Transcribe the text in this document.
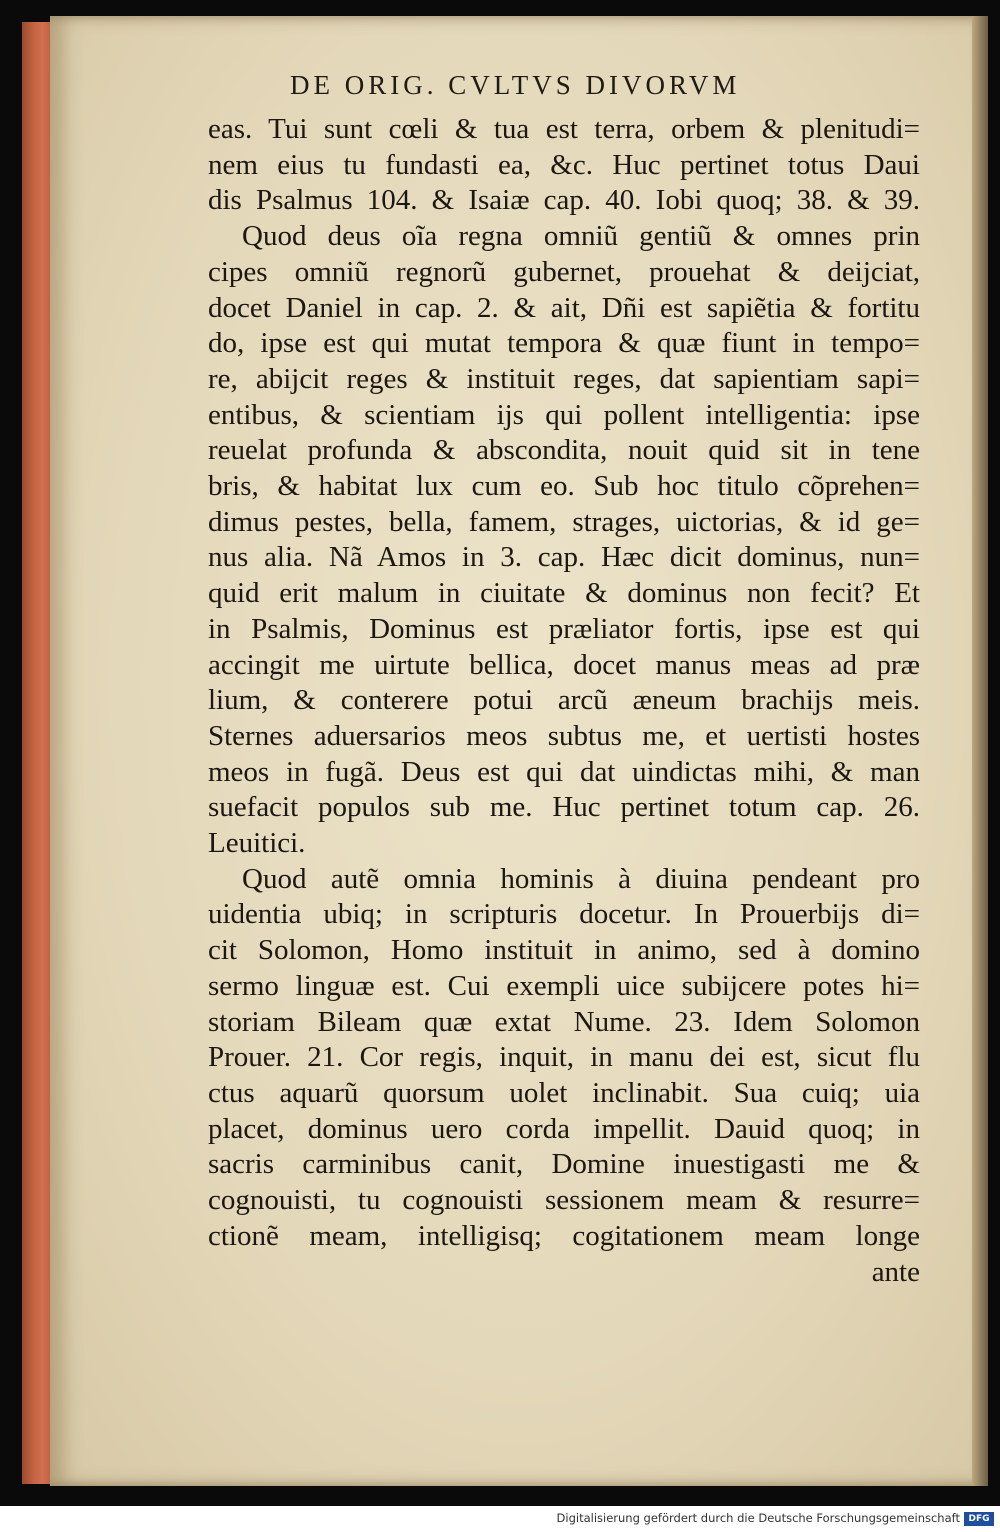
DE ORIG. CVLTVS DIVORVM
eas. Tui sunt cœli & tua est terra, orbem & plenitudi=
nem eius tu fundasti ea, &c. Huc pertinet totus Daui
dis Psalmus 104. & Isaiæ cap. 40. Iobi quoq; 38. & 39.
Quod deus oĩa regna omniũ gentiũ & omnes prin
cipes omniũ regnorũ gubernet, prouehat & deijciat,
docet Daniel in cap. 2. & ait, Dñi est sapiẽtia & fortitu
do, ipse est qui mutat tempora & quæ fiunt in tempo=
re, abijcit reges & instituit reges, dat sapientiam sapi=
entibus, & scientiam ijs qui pollent intelligentia: ipse
reuelat profunda & abscondita, nouit quid sit in tene
bris, & habitat lux cum eo. Sub hoc titulo cõprehen=
dimus pestes, bella, famem, strages, uictorias, & id ge=
nus alia. Nã Amos in 3. cap. Hæc dicit dominus, nun=
quid erit malum in ciuitate & dominus non fecit? Et
in Psalmis, Dominus est præliator fortis, ipse est qui
accingit me uirtute bellica, docet manus meas ad præ
lium, & conterere potui arcũ æneum brachijs meis.
Sternes aduersarios meos subtus me, et uertisti hostes
meos in fugã. Deus est qui dat uindictas mihi, & man
suefacit populos sub me. Huc pertinet totum cap. 26.
Leuitici.
Quod autẽ omnia hominis à diuina pendeant pro
uidentia ubiq; in scripturis docetur. In Prouerbijs di=
cit Solomon, Homo instituit in animo, sed à domino
sermo linguæ est. Cui exempli uice subijcere potes hi=
storiam Bileam quæ extat Nume. 23. Idem Solomon
Prouer. 21. Cor regis, inquit, in manu dei est, sicut flu
ctus aquarũ quorsum uolet inclinabit. Sua cuiq; uia
placet, dominus uero corda impellit. Dauid quoq; in
sacris carminibus canit, Domine inuestigasti me &
cognouisti, tu cognouisti sessionem meam & resurre=
ctionẽ meam, intelligisq; cogitationem meam longe
ante
Digitalisierung gefördert durch die Deutsche Forschungsgemeinschaft DFG
